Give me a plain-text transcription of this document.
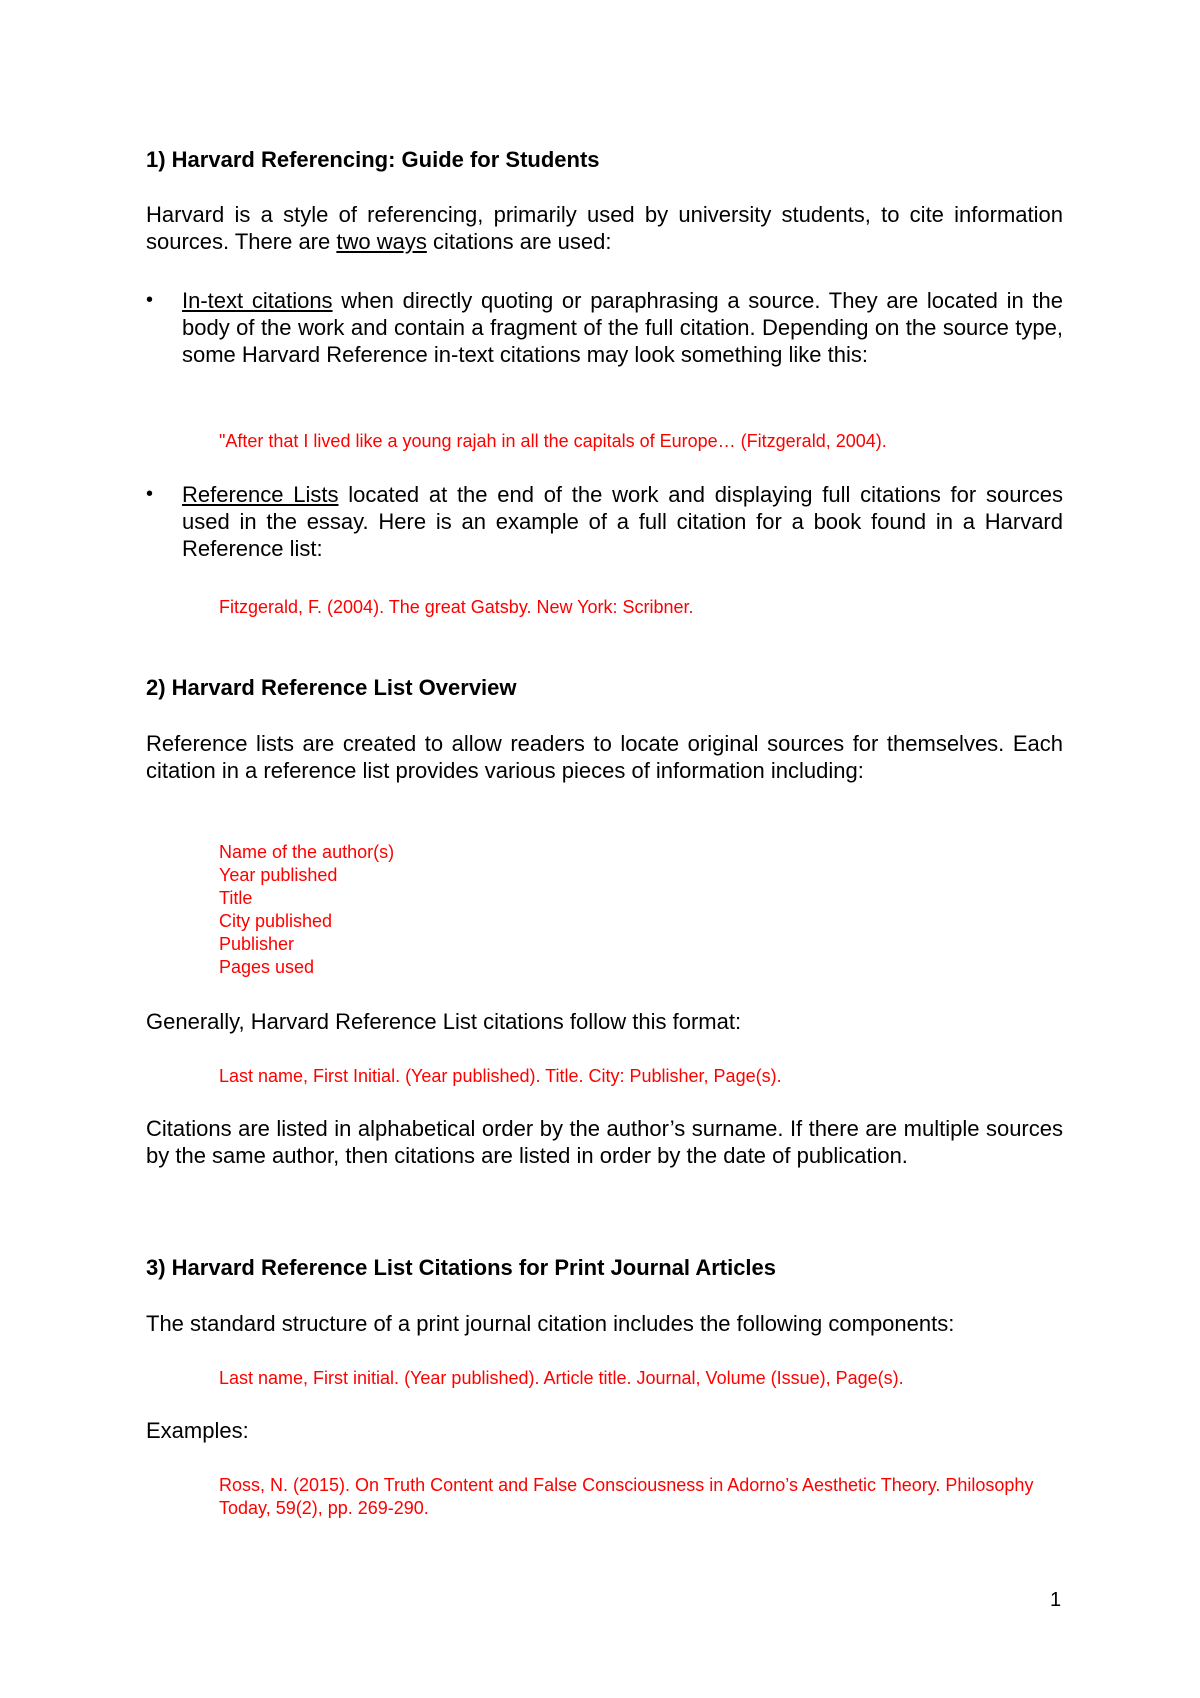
1) Harvard Referencing: Guide for Students

Harvard is a style of referencing, primarily used by university students, to cite information sources. There are two ways citations are used:

• In-text citations when directly quoting or paraphrasing a source. They are located in the body of the work and contain a fragment of the full citation. Depending on the source type, some Harvard Reference in-text citations may look something like this:

"After that I lived like a young rajah in all the capitals of Europe… (Fitzgerald, 2004).

• Reference Lists located at the end of the work and displaying full citations for sources used in the essay. Here is an example of a full citation for a book found in a Harvard Reference list:

Fitzgerald, F. (2004). The great Gatsby. New York: Scribner.

2) Harvard Reference List Overview

Reference lists are created to allow readers to locate original sources for themselves. Each citation in a reference list provides various pieces of information including:

Name of the author(s)
Year published
Title
City published
Publisher
Pages used

Generally, Harvard Reference List citations follow this format:

Last name, First Initial. (Year published). Title. City: Publisher, Page(s).

Citations are listed in alphabetical order by the author’s surname. If there are multiple sources by the same author, then citations are listed in order by the date of publication.

3) Harvard Reference List Citations for Print Journal Articles

The standard structure of a print journal citation includes the following components:

Last name, First initial. (Year published). Article title. Journal, Volume (Issue), Page(s).

Examples:

Ross, N. (2015). On Truth Content and False Consciousness in Adorno’s Aesthetic Theory. Philosophy Today, 59(2), pp. 269-290.

1
